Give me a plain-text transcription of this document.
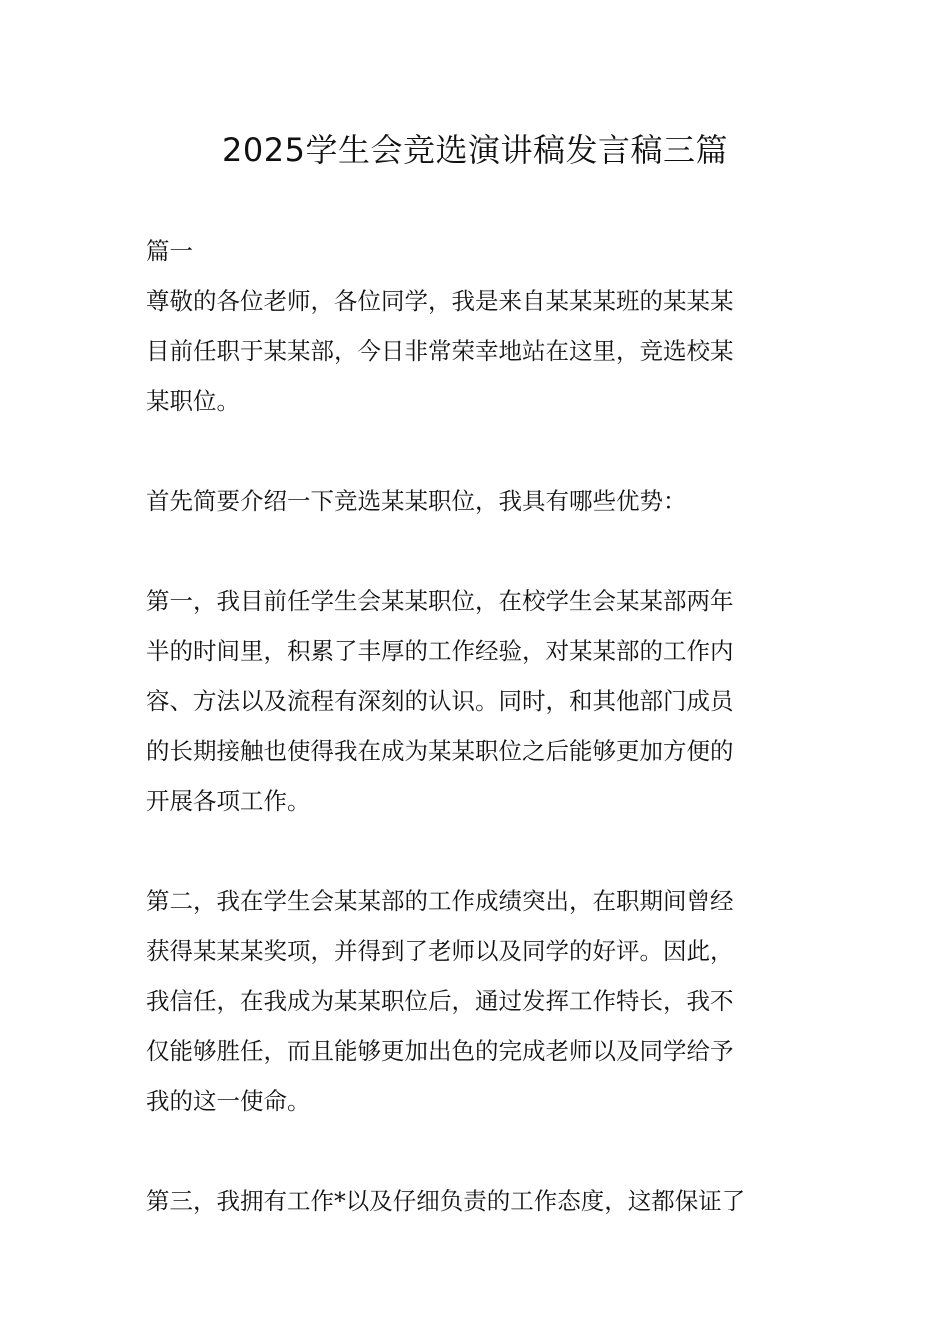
2025学生会竞选演讲稿发言稿三篇
篇一
尊敬的各位老师，各位同学，我是来自某某某班的某某某
目前任职于某某部，今日非常荣幸地站在这里，竞选校某
某职位。
首先简要介绍一下竞选某某职位，我具有哪些优势：
第一，我目前任学生会某某职位，在校学生会某某部两年
半的时间里，积累了丰厚的工作经验，对某某部的工作内
容、方法以及流程有深刻的认识。同时，和其他部门成员
的长期接触也使得我在成为某某职位之后能够更加方便的
开展各项工作。
第二，我在学生会某某部的工作成绩突出，在职期间曾经
获得某某某奖项，并得到了老师以及同学的好评。因此，
我信任，在我成为某某职位后，通过发挥工作特长，我不
仅能够胜任，而且能够更加出色的完成老师以及同学给予
我的这一使命。
第三，我拥有工作*以及仔细负责的工作态度，这都保证了
